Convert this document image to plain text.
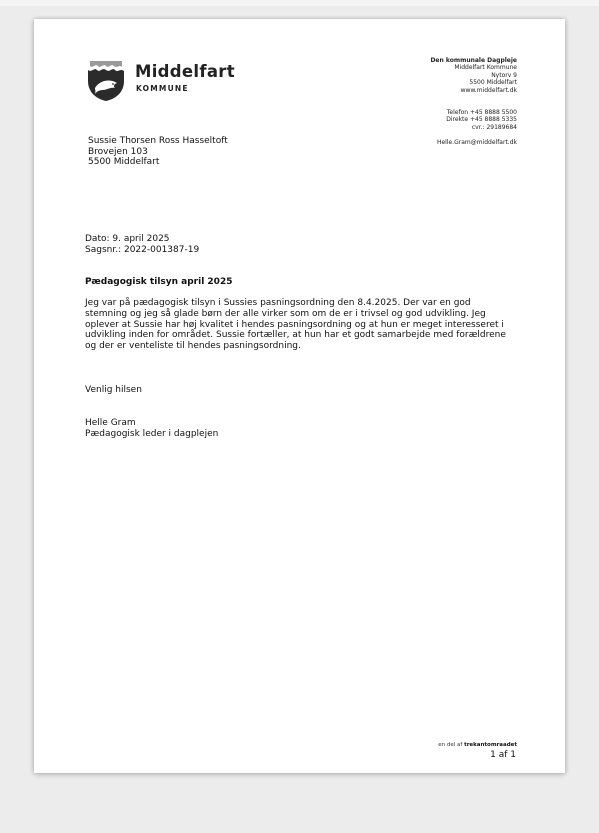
Middelfart
KOMMUNE
Den kommunale Dagpleje
Middelfart Kommune
Nytorv 9
5500 Middelfart
www.middelfart.dk
Telefon +45 8888 5500
Direkte +45 8888 5335
cvr.: 29189684
Helle.Gram@middelfart.dk
Sussie Thorsen Ross Hasseltoft
Brovejen 103
5500 Middelfart
Dato: 9. april 2025
Sagsnr.: 2022-001387-19
Pædagogisk tilsyn april 2025
Jeg var på pædagogisk tilsyn i Sussies pasningsordning den 8.4.2025. Der var en god
stemning og jeg så glade børn der alle virker som om de er i trivsel og god udvikling. Jeg
oplever at Sussie har høj kvalitet i hendes pasningsordning og at hun er meget interesseret i
udvikling inden for området. Sussie fortæller, at hun har et godt samarbejde med forældrene
og der er venteliste til hendes pasningsordning.
Venlig hilsen
Helle Gram
Pædagogisk leder i dagplejen
en del af trekantomraadet
1 af 1
